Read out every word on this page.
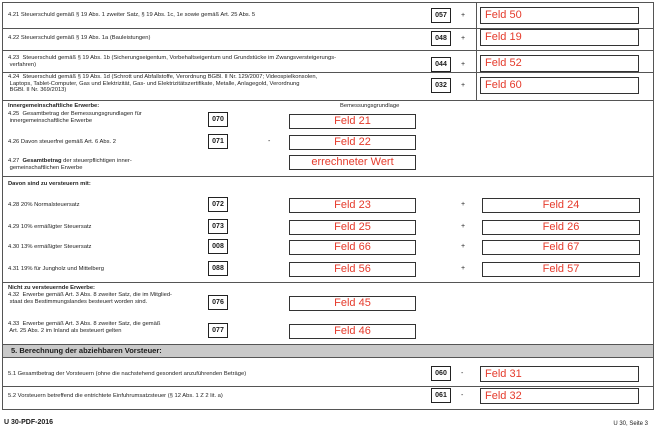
4.21 Steuerschuld gemäß § 19 Abs. 1 zweiter Satz, § 19 Abs. 1c, 1e sowie gemäß Art. 25 Abs. 5	057	+	Feld 50
4.22 Steuerschuld gemäß § 19 Abs. 1a (Bauleistungen)	048	+	Feld 19
4.23  Steuerschuld gemäß § 19 Abs. 1b (Sicherungseigentum, Vorbehaltseigentum und Grundstücke im Zwangsversteigerungs-
verfahren)	044	+	Feld 52
4.24  Steuerschuld gemäß § 19 Abs. 1d (Schrott und Abfallstoffe, Verordnung BGBl. II Nr. 129/2007; Videospielkonsolen,
Laptops, Tablet-Computer, Gas und Elektrizität, Gas- und Elektrizitätszertifikate, Metalle, Anlagegold, Verordnung
BGBl. II Nr. 369/2013)
032	+	Feld 60
Innergemeinschaftliche Erwerbe:	Bemessungsgrundlage
4.25  Gesamtbetrag der Bemessungsgrundlagen für
innergemeinschaftliche Erwerbe	070	Feld 21
4.26 Davon steuerfrei gemäß Art. 6 Abs. 2	071	-	Feld 22
4.27 Gesamtbetrag der steuerpflichtigen inner-
gemeinschaftlichen Erwerbe	errechneter Wert
Davon sind zu versteuern mit:
4.28 20% Normalsteuersatz	072	Feld 23	+	Feld 24
4.29 10% ermäßigter Steuersatz	073	Feld 25	+	Feld 26
4.30 13% ermäßigter Steuersatz	008	Feld 66	+	Feld 67
4.31 19% für Jungholz und Mittelberg	088	Feld 56	+	Feld 57
Nicht zu versteuernde Erwerbe:
4.32  Erwerbe gemäß Art. 3 Abs. 8 zweiter Satz, die im Mitglied-
staat des Bestimmungslandes besteuert worden sind.	076	Feld 45
4.33  Erwerbe gemäß Art. 3 Abs. 8 zweiter Satz, die gemäß
Art. 25 Abs. 2 im Inland als besteuert gelten	077	Feld 46
5. Berechnung der abziehbaren Vorsteuer:
5.1 Gesamtbetrag der Vorsteuern (ohne die nachstehend gesondert anzuführenden Beträge)	060	-	Feld 31
5.2 Vorsteuern betreffend die entrichtete Einfuhrumsatzsteuer (§ 12 Abs. 1 Z 2 lit. a)	061	-	Feld 32
U 30-PDF-2016	U 30, Seite 3
